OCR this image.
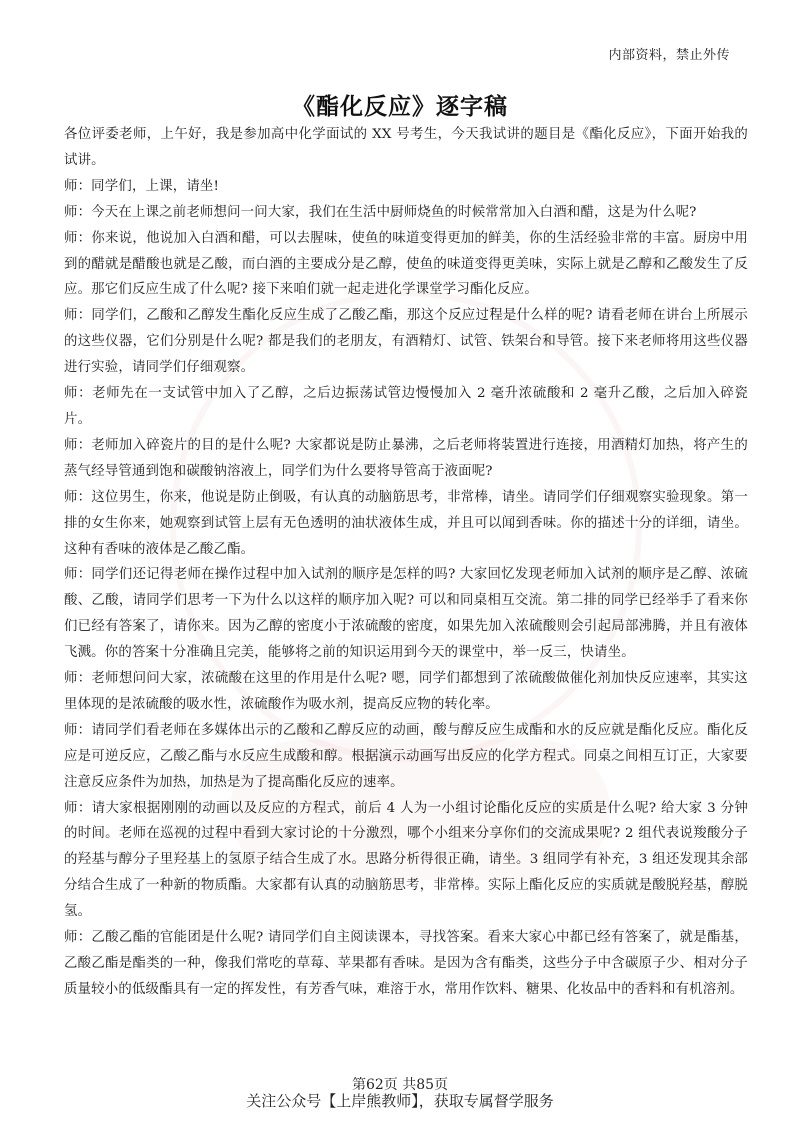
内部资料，禁止外传
《酯化反应》逐字稿

各位评委老师，上午好，我是参加高中化学面试的 XX 号考生，今天我试讲的题目是《酯化反应》，下面开始我的试讲。

师：同学们，上课，请坐!

师：今天在上课之前老师想问一问大家，我们在生活中厨师烧鱼的时候常常加入白酒和醋，这是为什么呢?

师：你来说，他说加入白酒和醋，可以去腥味，使鱼的味道变得更加的鲜美，你的生活经验非常的丰富。厨房中用到的醋就是醋酸也就是乙酸，而白酒的主要成分是乙醇，使鱼的味道变得更美味，实际上就是乙醇和乙酸发生了反应。那它们反应生成了什么呢? 接下来咱们就一起走进化学课堂学习酯化反应。

师：同学们，乙酸和乙醇发生酯化反应生成了乙酸乙酯，那这个反应过程是什么样的呢? 请看老师在讲台上所展示的这些仪器，它们分别是什么呢? 都是我们的老朋友，有酒精灯、试管、铁架台和导管。接下来老师将用这些仪器进行实验，请同学们仔细观察。

师：老师先在一支试管中加入了乙醇，之后边振荡试管边慢慢加入 2 毫升浓硫酸和 2 毫升乙酸，之后加入碎瓷片。

师：老师加入碎瓷片的目的是什么呢? 大家都说是防止暴沸，之后老师将装置进行连接，用酒精灯加热，将产生的蒸气经导管通到饱和碳酸钠溶液上，同学们为什么要将导管高于液面呢?

师：这位男生，你来，他说是防止倒吸，有认真的动脑筋思考，非常棒，请坐。请同学们仔细观察实验现象。第一排的女生你来，她观察到试管上层有无色透明的油状液体生成，并且可以闻到香味。你的描述十分的详细，请坐。这种有香味的液体是乙酸乙酯。

师：同学们还记得老师在操作过程中加入试剂的顺序是怎样的吗? 大家回忆发现老师加入试剂的顺序是乙醇、浓硫酸、乙酸，请同学们思考一下为什么以这样的顺序加入呢? 可以和同桌相互交流。第二排的同学已经举手了看来你们已经有答案了，请你来。因为乙醇的密度小于浓硫酸的密度，如果先加入浓硫酸则会引起局部沸腾，并且有液体飞溅。你的答案十分准确且完美，能够将之前的知识运用到今天的课堂中，举一反三，快请坐。

师：老师想问问大家，浓硫酸在这里的作用是什么呢? 嗯，同学们都想到了浓硫酸做催化剂加快反应速率，其实这里体现的是浓硫酸的吸水性，浓硫酸作为吸水剂，提高反应物的转化率。

师：请同学们看老师在多媒体出示的乙酸和乙醇反应的动画，酸与醇反应生成酯和水的反应就是酯化反应。酯化反应是可逆反应，乙酸乙酯与水反应生成酸和醇。根据演示动画写出反应的化学方程式。同桌之间相互订正，大家要注意反应条件为加热，加热是为了提高酯化反应的速率。

师：请大家根据刚刚的动画以及反应的方程式，前后 4 人为一小组讨论酯化反应的实质是什么呢? 给大家 3 分钟的时间。老师在巡视的过程中看到大家讨论的十分激烈，哪个小组来分享你们的交流成果呢? 2 组代表说羧酸分子的羟基与醇分子里羟基上的氢原子结合生成了水。思路分析得很正确，请坐。3 组同学有补充，3 组还发现其余部分结合生成了一种新的物质酯。大家都有认真的动脑筋思考，非常棒。实际上酯化反应的实质就是酸脱羟基，醇脱氢。

师：乙酸乙酯的官能团是什么呢? 请同学们自主阅读课本，寻找答案。看来大家心中都已经有答案了，就是酯基，乙酸乙酯是酯类的一种，像我们常吃的草莓、苹果都有香味。是因为含有酯类，这些分子中含碳原子少、相对分子质量较小的低级酯具有一定的挥发性，有芳香气味，难溶于水，常用作饮料、糖果、化妆品中的香料和有机溶剂。

第62页 共85页
关注公众号【上岸熊教师】，获取专属督学服务
